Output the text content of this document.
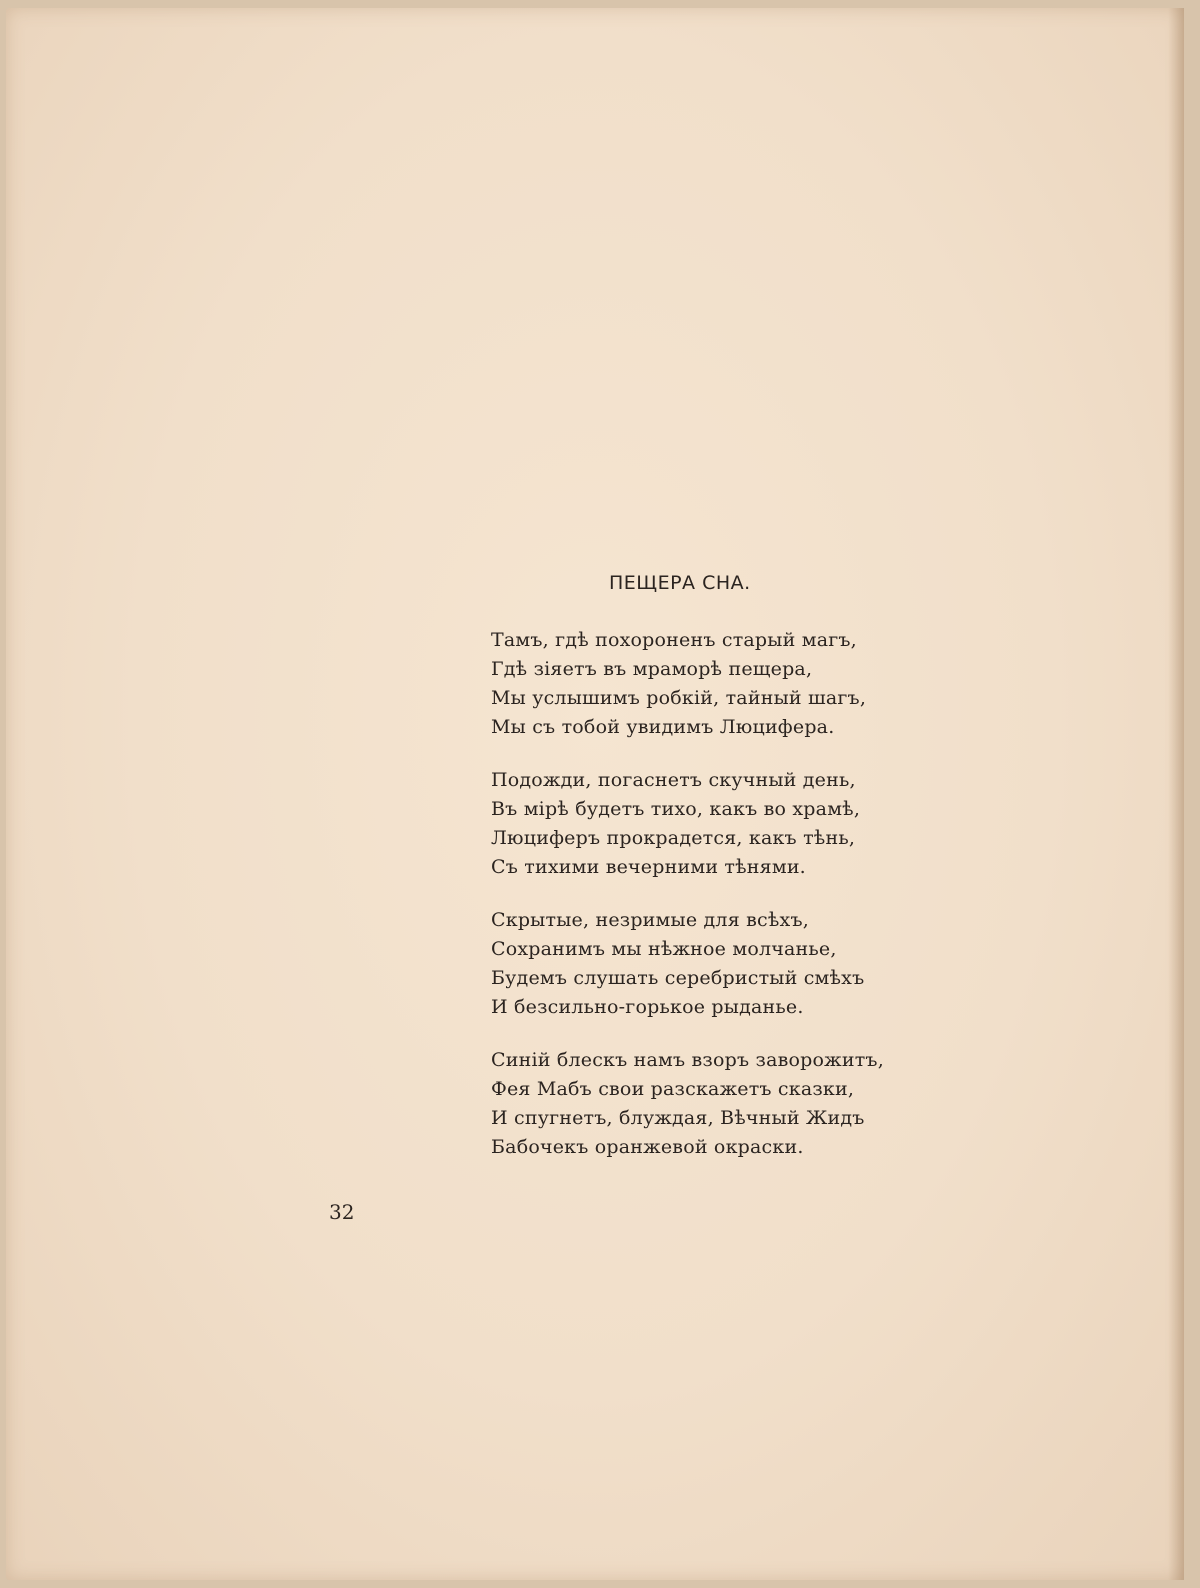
ПЕЩЕРА СНА.
Тамъ, гдѣ похороненъ старый магъ,
Гдѣ зіяетъ въ мраморѣ пещера,
Мы услышимъ робкій, тайный шагъ,
Мы съ тобой увидимъ Люцифера.
Подожди, погаснетъ скучный день,
Въ мірѣ будетъ тихо, какъ во храмѣ,
Люциферъ прокрадется, какъ тѣнь,
Съ тихими вечерними тѣнями.
Скрытые, незримые для всѣхъ,
Сохранимъ мы нѣжное молчанье,
Будемъ слушать серебристый смѣхъ
И безсильно-горькое рыданье.
Синій блескъ намъ взоръ заворожитъ,
Фея Мабъ свои разскажетъ сказки,
И спугнетъ, блуждая, Вѣчный Жидъ
Бабочекъ оранжевой окраски.
32
